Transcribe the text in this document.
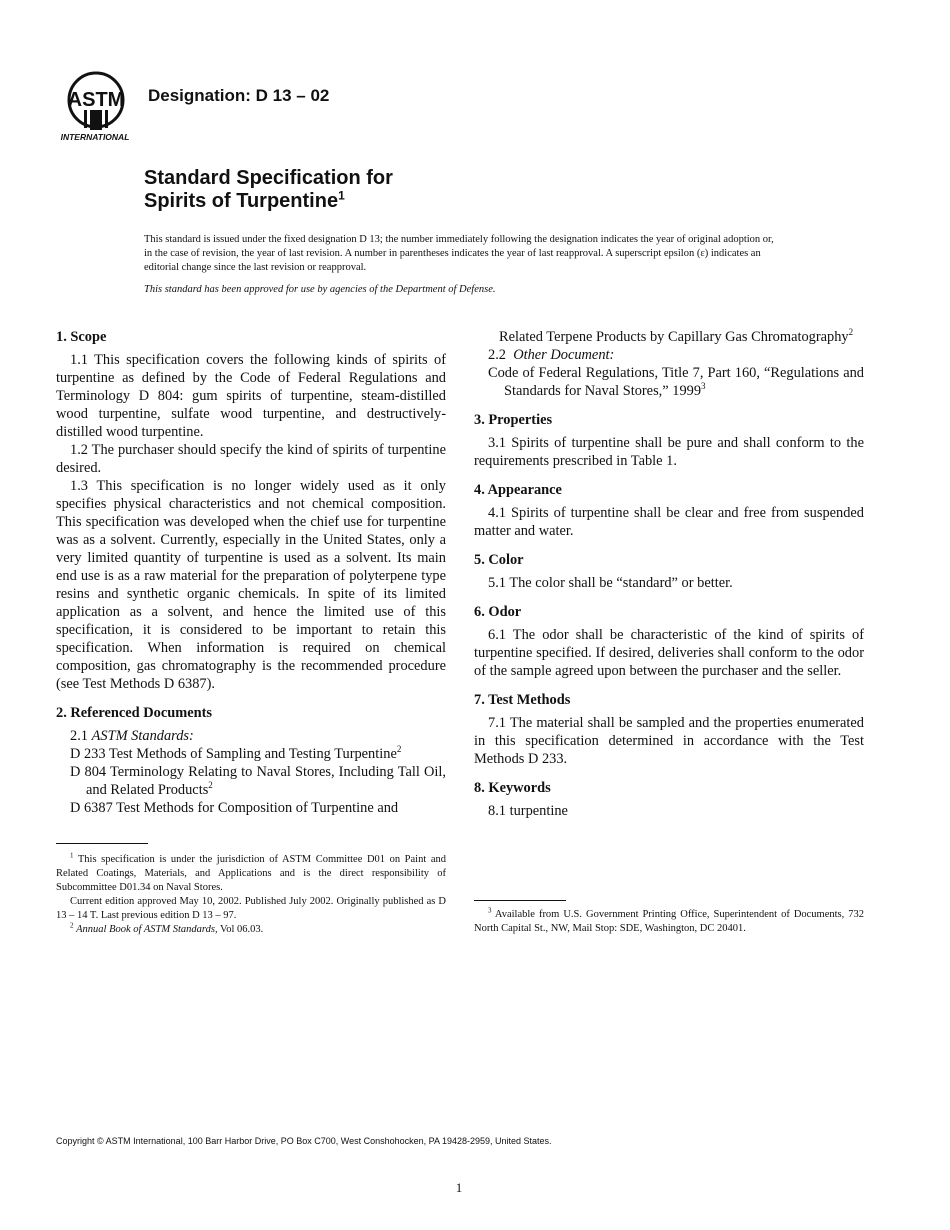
ASTM
INTERNATIONAL
Designation: D 13 – 02
Standard Specification for
Spirits of Turpentine$^1$
This standard is issued under the fixed designation D 13; the number immediately following the designation indicates the year of original adoption or, in the case of revision, the year of last revision. A number in parentheses indicates the year of last reapproval. A superscript epsilon (ε) indicates an editorial change since the last revision or reapproval.
This standard has been approved for use by agencies of the Department of Defense.
1. Scope

1.1 This specification covers the following kinds of spirits of turpentine as defined by the Code of Federal Regulations and Terminology D 804: gum spirits of turpentine, steam-distilled wood turpentine, sulfate wood turpentine, and destructively-distilled wood turpentine.

1.2 The purchaser should specify the kind of spirits of turpentine desired.

1.3 This specification is no longer widely used as it only specifies physical characteristics and not chemical composition. This specification was developed when the chief use for turpentine was as a solvent. Currently, especially in the United States, only a very limited quantity of turpentine is used as a solvent. Its main end use is as a raw material for the preparation of polyterpene type resins and synthetic organic chemicals. In spite of its limited application as a solvent, and hence the limited use of this specification, it is considered to be important to retain this specification. When information is required on chemical composition, gas chromatography is the recommended procedure (see Test Methods D 6387).

2. Referenced Documents
2.1 ASTM Standards:
D 233 Test Methods of Sampling and Testing Turpentine$^2$
D 804 Terminology Relating to Naval Stores, Including Tall Oil, and Related Products$^2$
D 6387 Test Methods for Composition of Turpentine and

$^1$ This specification is under the jurisdiction of ASTM Committee D01 on Paint and Related Coatings, Materials, and Applications and is the direct responsibility of Subcommittee D01.34 on Naval Stores.

Current edition approved May 10, 2002. Published July 2002. Originally published as D 13 – 14 T. Last previous edition D 13 – 97.

$^2$ Annual Book of ASTM Standards, Vol 06.03.

Related Terpene Products by Capillary Gas Chromatography$^2$
2.2 Other Document:
Code of Federal Regulations, Title 7, Part 160, “Regulations and Standards for Naval Stores,” 1999$^3$
3. Properties

3.1 Spirits of turpentine shall be pure and shall conform to the requirements prescribed in Table 1.

4. Appearance

4.1 Spirits of turpentine shall be clear and free from suspended matter and water.

5. Color

5.1 The color shall be “standard” or better.

6. Odor

6.1 The odor shall be characteristic of the kind of spirits of turpentine specified. If desired, deliveries shall conform to the odor of the sample agreed upon between the purchaser and the seller.

7. Test Methods

7.1 The material shall be sampled and the properties enumerated in this specification determined in accordance with the Test Methods D 233.

8. Keywords

8.1 turpentine

$^3$ Available from U.S. Government Printing Office, Superintendent of Documents, 732 North Capital St., NW, Mail Stop: SDE, Washington, DC 20401.

Copyright © ASTM International, 100 Barr Harbor Drive, PO Box C700, West Conshohocken, PA 19428-2959, United States.
1
